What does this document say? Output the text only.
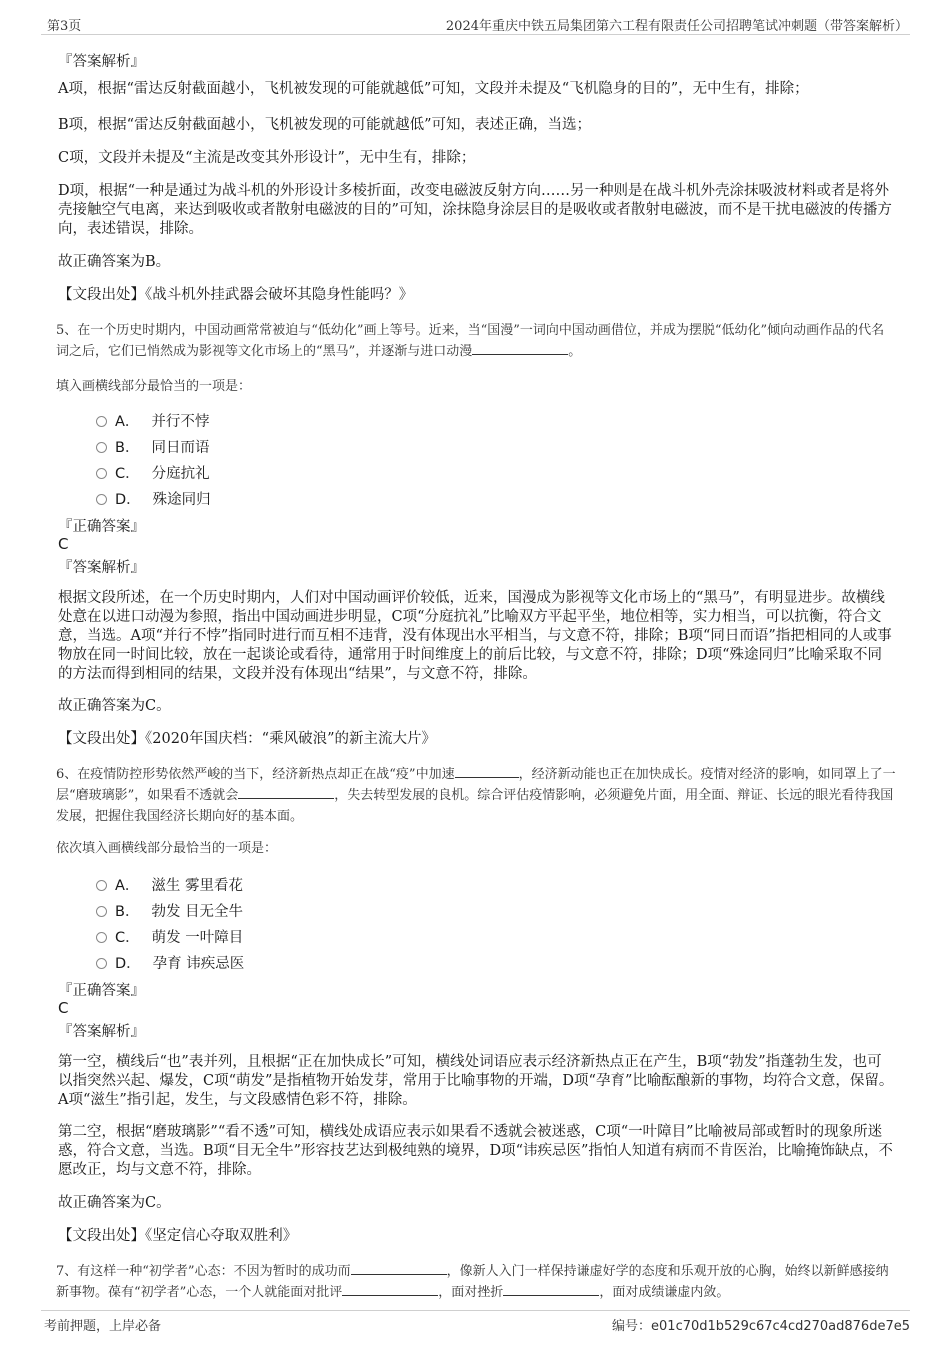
第3页	2024年重庆中铁五局集团第六工程有限责任公司招聘笔试冲刺题（带答案解析）
『答案解析』
A项，根据“雷达反射截面越小，飞机被发现的可能就越低”可知，文段并未提及“飞机隐身的目的”，无中生有，排除；
B项，根据“雷达反射截面越小，飞机被发现的可能就越低”可知，表述正确，当选；
C项，文段并未提及“主流是改变其外形设计”，无中生有，排除；
D项，根据“一种是通过为战斗机的外形设计多棱折面，改变电磁波反射方向……另一种则是在战斗机外壳涂抹吸波材料或者是将外壳接触空气电离，来达到吸收或者散射电磁波的目的”可知，涂抹隐身涂层目的是吸收或者散射电磁波，而不是干扰电磁波的传播方向，表述错误，排除。
故正确答案为B。
【文段出处】《战斗机外挂武器会破坏其隐身性能吗？》
5、在一个历史时期内，中国动画常常被迫与“低幼化”画上等号。近来，当“国漫”一词向中国动画借位，并成为摆脱“低幼化”倾向动画作品的代名词之后，它们已悄然成为影视等文化市场上的“黑马”，并逐渐与进口动漫	。
填入画横线部分最恰当的一项是：
A． 并行不悖
B． 同日而语
C． 分庭抗礼
D． 殊途同归
『正确答案』
C
『答案解析』
根据文段所述，在一个历史时期内，人们对中国动画评价较低，近来，国漫成为影视等文化市场上的“黑马”，有明显进步。故横线处意在以进口动漫为参照，指出中国动画进步明显，C项“分庭抗礼”比喻双方平起平坐，地位相等，实力相当，可以抗衡，符合文意，当选。A项“并行不悖”指同时进行而互相不违背，没有体现出水平相当，与文意不符，排除；B项“同日而语”指把相同的人或事物放在同一时间比较，放在一起谈论或看待，通常用于时间维度上的前后比较，与文意不符，排除；D项“殊途同归”比喻采取不同的方法而得到相同的结果，文段并没有体现出“结果”，与文意不符，排除。
故正确答案为C。
【文段出处】《2020年国庆档：“乘风破浪”的新主流大片》
6、在疫情防控形势依然严峻的当下，经济新热点却正在战“疫”中加速	，经济新动能也正在加快成长。疫情对经济的影响，如同罩上了一层“磨玻璃影”，如果看不透就会	，失去转型发展的良机。综合评估疫情影响，必须避免片面，用全面、辩证、长远的眼光看待我国发展，把握住我国经济长期向好的基本面。
依次填入画横线部分最恰当的一项是：
A． 滋生 雾里看花
B． 勃发 目无全牛
C． 萌发 一叶障目
D． 孕育 讳疾忌医
『正确答案』
C
『答案解析』
第一空，横线后“也”表并列，且根据“正在加快成长”可知，横线处词语应表示经济新热点正在产生，B项“勃发”指蓬勃生发，也可以指突然兴起、爆发，C项“萌发”是指植物开始发芽，常用于比喻事物的开端，D项“孕育”比喻酝酿新的事物，均符合文意，保留。A项“滋生”指引起，发生，与文段感情色彩不符，排除。
第二空，根据“磨玻璃影”“看不透”可知，横线处成语应表示如果看不透就会被迷惑，C项“一叶障目”比喻被局部或暂时的现象所迷惑，符合文意，当选。B项“目无全牛”形容技艺达到极纯熟的境界，D项“讳疾忌医”指怕人知道有病而不肯医治，比喻掩饰缺点，不愿改正，均与文意不符，排除。
故正确答案为C。
【文段出处】《坚定信心夺取双胜利》
7、有这样一种“初学者”心态：不因为暂时的成功而	，像新人入门一样保持谦虚好学的态度和乐观开放的心胸，始终以新鲜感接纳新事物。葆有“初学者”心态，一个人就能面对批评	，面对挫折	，面对成绩谦虚内敛。
考前押题，上岸必备	编号：e01c70d1b529c67c4cd270ad876de7e5
